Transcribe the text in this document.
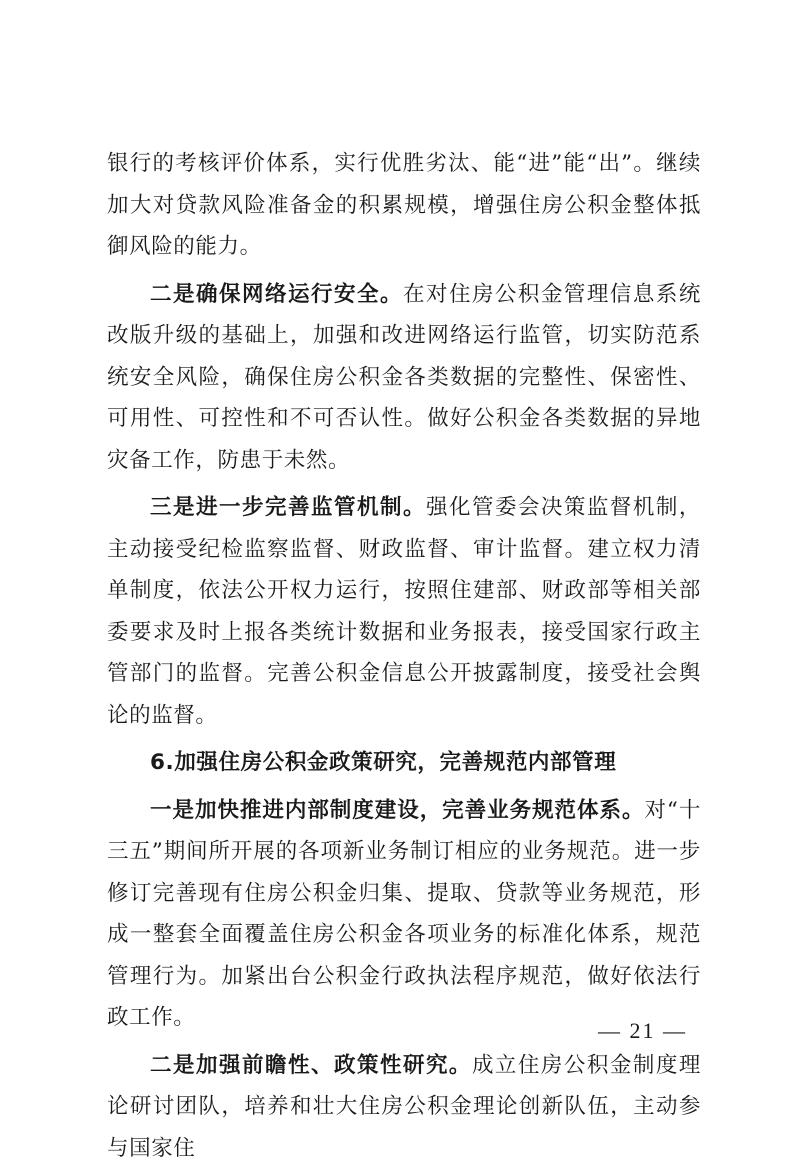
银行的考核评价体系，实行优胜劣汰、能“进”能“出”。继续加大对贷款风险准备金的积累规模，增强住房公积金整体抵御风险的能力。

二是确保网络运行安全。在对住房公积金管理信息系统改版升级的基础上，加强和改进网络运行监管，切实防范系统安全风险，确保住房公积金各类数据的完整性、保密性、可用性、可控性和不可否认性。做好公积金各类数据的异地灾备工作，防患于未然。

三是进一步完善监管机制。强化管委会决策监督机制，主动接受纪检监察监督、财政监督、审计监督。建立权力清单制度，依法公开权力运行，按照住建部、财政部等相关部委要求及时上报各类统计数据和业务报表，接受国家行政主管部门的监督。完善公积金信息公开披露制度，接受社会舆论的监督。

6.加强住房公积金政策研究，完善规范内部管理

一是加快推进内部制度建设，完善业务规范体系。对“十三五”期间所开展的各项新业务制订相应的业务规范。进一步修订完善现有住房公积金归集、提取、贷款等业务规范，形成一整套全面覆盖住房公积金各项业务的标准化体系，规范管理行为。加紧出台公积金行政执法程序规范，做好依法行政工作。

二是加强前瞻性、政策性研究。成立住房公积金制度理论研讨团队，培养和壮大住房公积金理论创新队伍，主动参与国家住

— 21 —
